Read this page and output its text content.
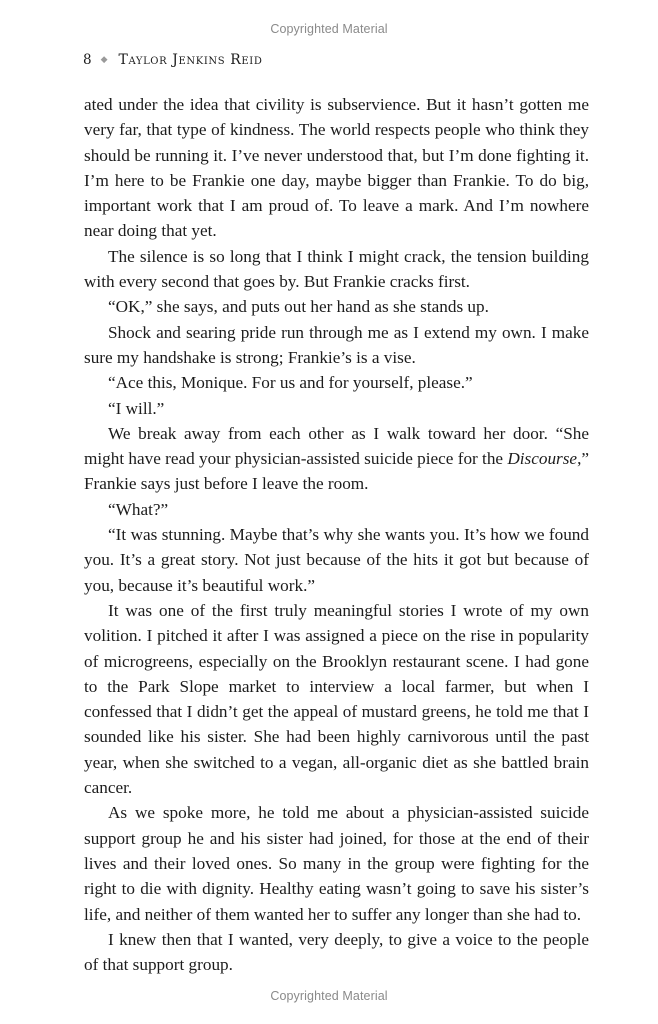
Copyrighted Material
8 ◆ Taylor Jenkins Reid

ated under the idea that civility is subservience. But it hasn’t gotten me very far, that type of kindness. The world respects people who think they should be running it. I’ve never understood that, but I’m done fighting it. I’m here to be Frankie one day, maybe bigger than Frankie. To do big, important work that I am proud of. To leave a mark. And I’m nowhere near doing that yet.

The silence is so long that I think I might crack, the tension building with every second that goes by. But Frankie cracks first.

“OK,” she says, and puts out her hand as she stands up.

Shock and searing pride run through me as I extend my own. I make sure my handshake is strong; Frankie’s is a vise.

“Ace this, Monique. For us and for yourself, please.”

“I will.”

We break away from each other as I walk toward her door. “She might have read your physician-assisted suicide piece for the Discourse,” Frankie says just before I leave the room.

“What?”

“It was stunning. Maybe that’s why she wants you. It’s how we found you. It’s a great story. Not just because of the hits it got but because of you, because it’s beautiful work.”

It was one of the first truly meaningful stories I wrote of my own volition. I pitched it after I was assigned a piece on the rise in popularity of microgreens, especially on the Brooklyn restaurant scene. I had gone to the Park Slope market to interview a local farmer, but when I confessed that I didn’t get the appeal of mustard greens, he told me that I sounded like his sister. She had been highly carnivorous until the past year, when she switched to a vegan, all-organic diet as she battled brain cancer.

As we spoke more, he told me about a physician-assisted suicide support group he and his sister had joined, for those at the end of their lives and their loved ones. So many in the group were fighting for the right to die with dignity. Healthy eating wasn’t going to save his sister’s life, and neither of them wanted her to suffer any longer than she had to.

I knew then that I wanted, very deeply, to give a voice to the people of that support group.

Copyrighted Material
